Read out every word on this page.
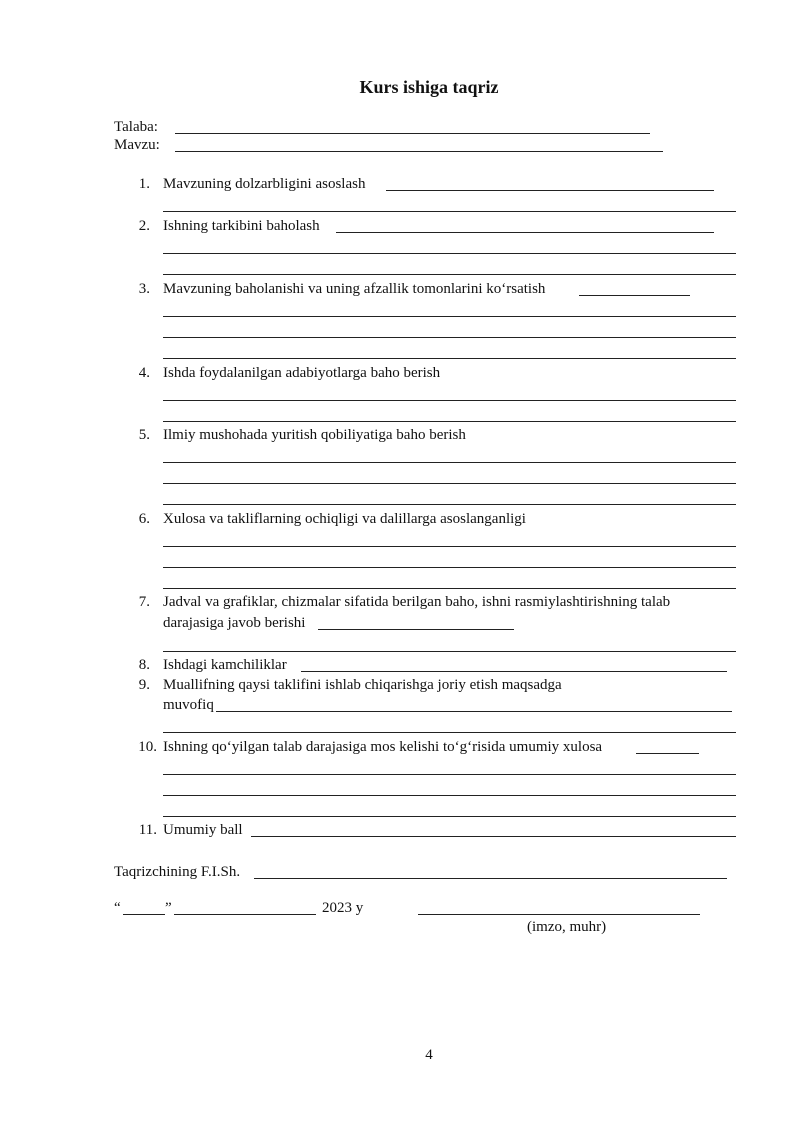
Kurs ishiga taqriz
Talaba:
Mavzu:
1. Mavzuning dolzarbligini asoslash
2. Ishning tarkibini baholash
3. Mavzuning baholanishi va uning afzallik tomonlarini ko‘rsatish
4. Ishda foydalanilgan adabiyotlarga baho berish
5. Ilmiy mushohada yuritish qobiliyatiga baho berish
6. Xulosa va takliflarning ochiqligi va dalillarga asoslanganligi
7. Jadval va grafiklar, chizmalar sifatida berilgan baho, ishni rasmiylashtirishning talab
darajasiga javob berishi
8. Ishdagi kamchiliklar
9. Muallifning qaysi taklifini ishlab chiqarishga joriy etish maqsadga
muvofiq
10. Ishning qo‘yilgan talab darajasiga mos kelishi to‘g‘risida umumiy xulosa
11. Umumiy ball
Taqrizchining F.I.Sh.
“	”	2023 y
(imzo, muhr)
4
